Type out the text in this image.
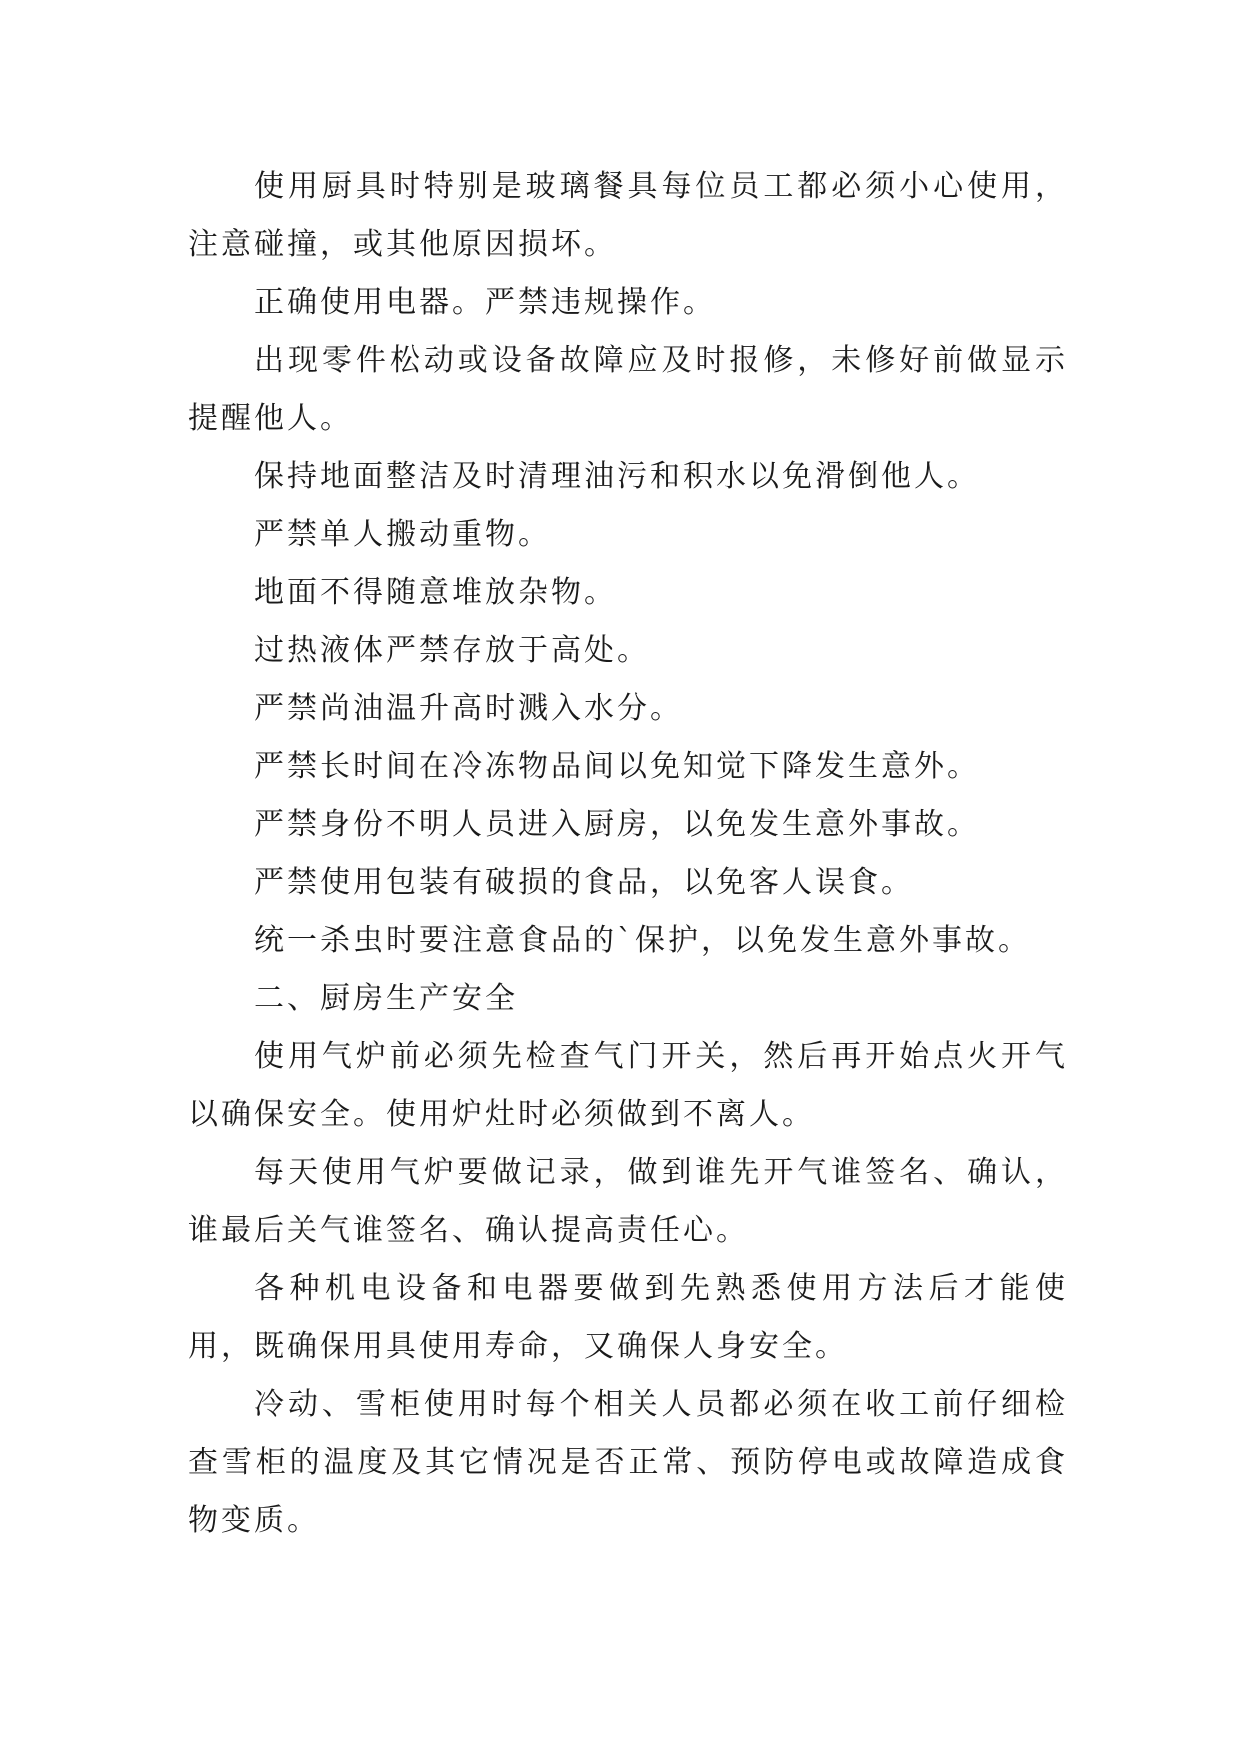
使用厨具时特别是玻璃餐具每位员工都必须小心使用，注意碰撞，或其他原因损坏。

正确使用电器。严禁违规操作。

出现零件松动或设备故障应及时报修，未修好前做显示提醒他人。

保持地面整洁及时清理油污和积水以免滑倒他人。

严禁单人搬动重物。

地面不得随意堆放杂物。

过热液体严禁存放于高处。

严禁尚油温升高时溅入水分。

严禁长时间在冷冻物品间以免知觉下降发生意外。

严禁身份不明人员进入厨房，以免发生意外事故。

严禁使用包装有破损的食品，以免客人误食。

统一杀虫时要注意食品的`保护，以免发生意外事故。

二、厨房生产安全

使用气炉前必须先检查气门开关，然后再开始点火开气以确保安全。使用炉灶时必须做到不离人。

每天使用气炉要做记录，做到谁先开气谁签名、确认，谁最后关气谁签名、确认提高责任心。

各种机电设备和电器要做到先熟悉使用方法后才能使用，既确保用具使用寿命，又确保人身安全。

冷动、雪柜使用时每个相关人员都必须在收工前仔细检查雪柜的温度及其它情况是否正常、预防停电或故障造成食物变质。
